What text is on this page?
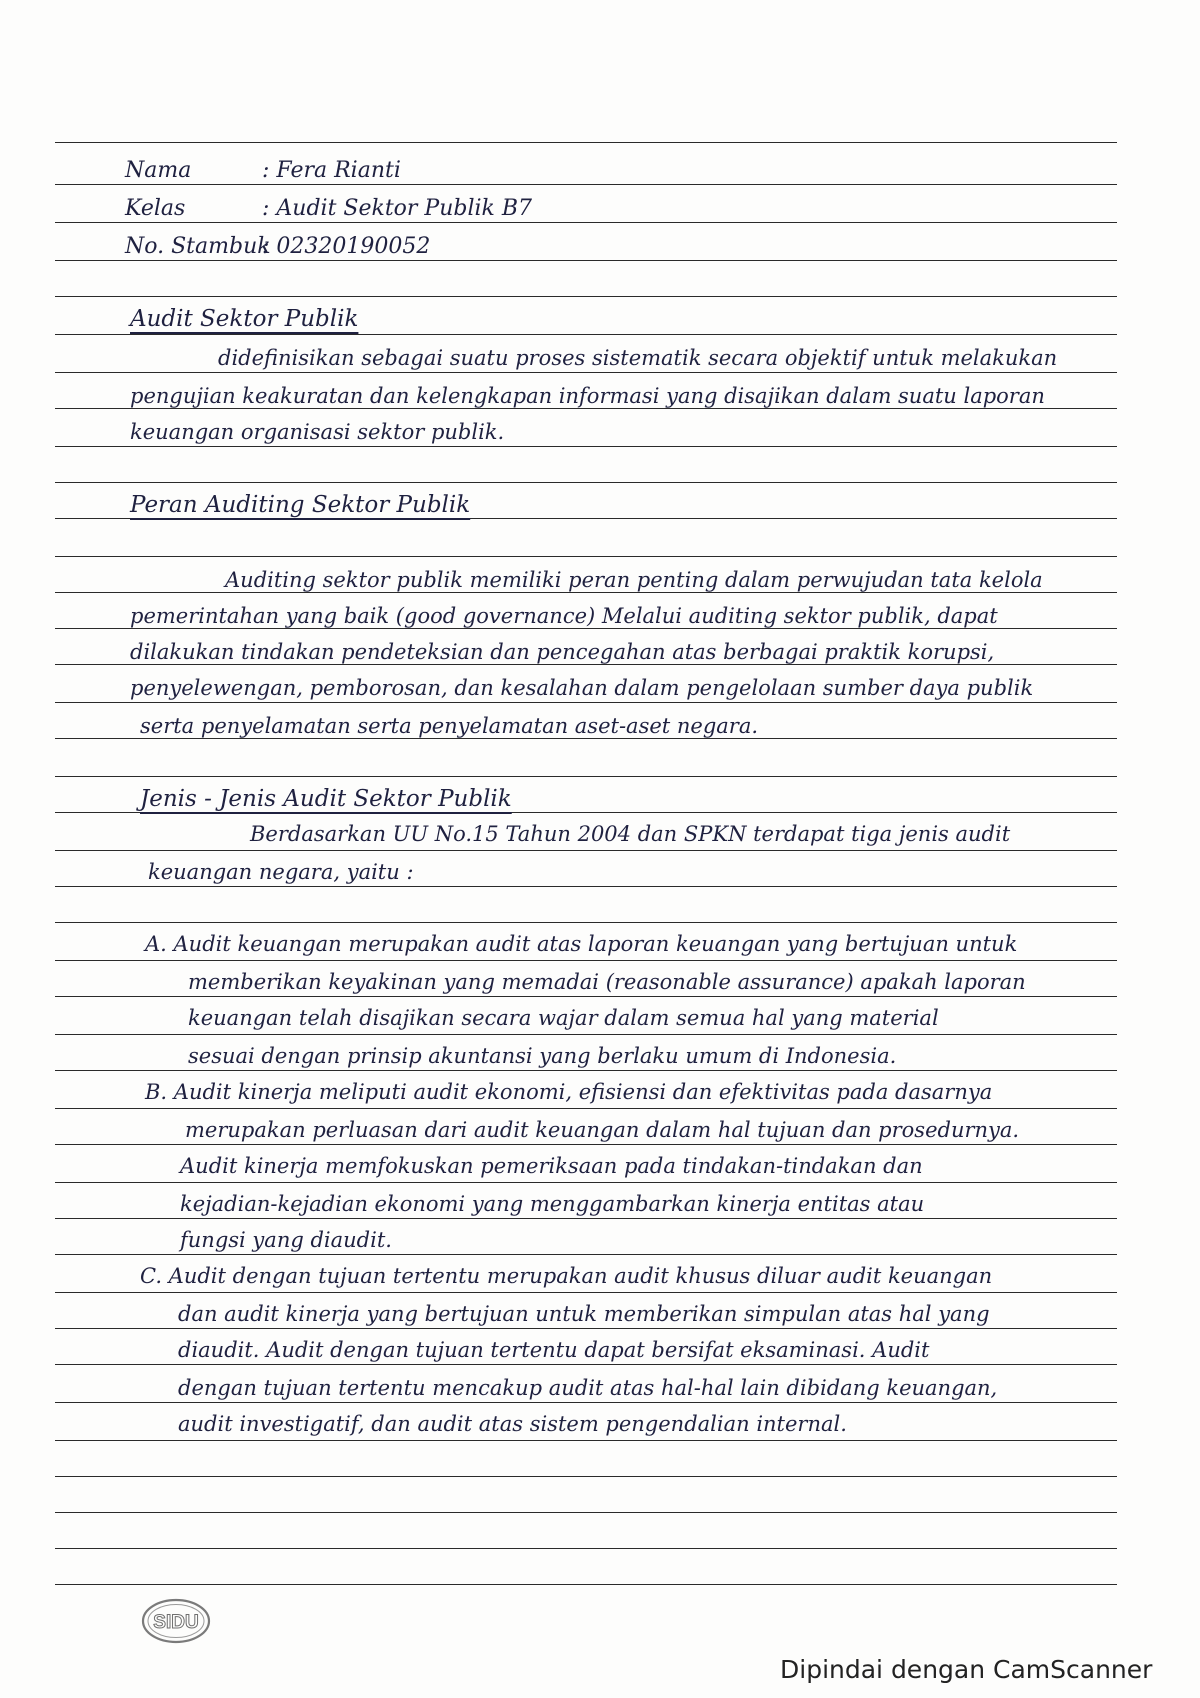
Nama	: Fera Rianti
Kelas	: Audit Sektor Publik B7
No. Stambuk
: 02320190052
Audit Sektor Publik
didefinisikan sebagai suatu proses sistematik secara objektif untuk melakukan
pengujian keakuratan dan kelengkapan informasi yang disajikan dalam suatu laporan
keuangan organisasi sektor publik.
Peran Auditing Sektor Publik
Auditing sektor publik memiliki peran penting dalam perwujudan tata kelola
pemerintahan yang baik (good governance) Melalui auditing sektor publik, dapat
dilakukan tindakan pendeteksian dan pencegahan atas berbagai praktik korupsi,
penyelewengan, pemborosan, dan kesalahan dalam pengelolaan sumber daya publik
serta penyelamatan serta penyelamatan aset-aset negara.
Jenis - Jenis Audit Sektor Publik
Berdasarkan UU No.15 Tahun 2004 dan SPKN terdapat tiga jenis audit
keuangan negara, yaitu :
A. Audit keuangan merupakan audit atas laporan keuangan yang bertujuan untuk
memberikan keyakinan yang memadai (reasonable assurance) apakah laporan
keuangan telah disajikan secara wajar dalam semua hal yang material
sesuai dengan prinsip akuntansi yang berlaku umum di Indonesia.
B. Audit kinerja meliputi audit ekonomi, efisiensi dan efektivitas pada dasarnya
merupakan perluasan dari audit keuangan dalam hal tujuan dan prosedurnya.
Audit kinerja memfokuskan pemeriksaan pada tindakan-tindakan dan
kejadian-kejadian ekonomi yang menggambarkan kinerja entitas atau
fungsi yang diaudit.
C. Audit dengan tujuan tertentu merupakan audit khusus diluar audit keuangan
dan audit kinerja yang bertujuan untuk memberikan simpulan atas hal yang
diaudit. Audit dengan tujuan tertentu dapat bersifat eksaminasi. Audit
dengan tujuan tertentu mencakup audit atas hal-hal lain dibidang keuangan,
audit investigatif, dan audit atas sistem pengendalian internal.
SIDU
Dipindai dengan CamScanner
